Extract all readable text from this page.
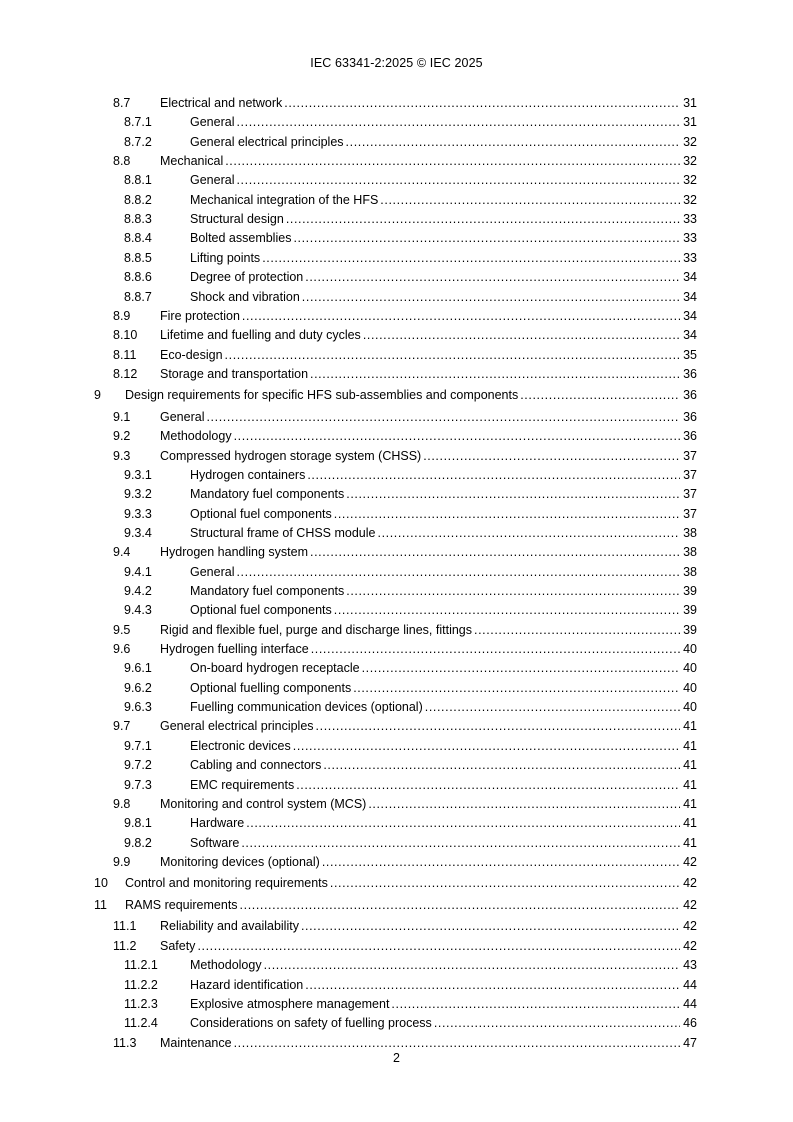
IEC 63341-2:2025 © IEC 2025
8.7 Electrical and network .....	31
8.7.1	General .....	31
8.7.2	General electrical principles .....	32
8.8 Mechanical .....	32
8.8.1	General .....	32
8.8.2	Mechanical integration of the HFS .....	32
8.8.3	Structural design .....	33
8.8.4	Bolted assemblies .....	33
8.8.5	Lifting points .....	33
8.8.6	Degree of protection .....	34
8.8.7	Shock and vibration .....	34
8.9 Fire protection .....	34
8.10 Lifetime and fuelling and duty cycles .....	34
8.11 Eco-design .....	35
8.12 Storage and transportation .....	36
9 Design requirements for specific HFS sub-assemblies and components .....	36
9.1 General .....	36
9.2 Methodology .....	36
9.3 Compressed hydrogen storage system (CHSS) .....	37
9.3.1	Hydrogen containers .....	37
9.3.2	Mandatory fuel components .....	37
9.3.3	Optional fuel components .....	37
9.3.4	Structural frame of CHSS module .....	38
9.4 Hydrogen handling system .....	38
9.4.1	General .....	38
9.4.2	Mandatory fuel components .....	39
9.4.3	Optional fuel components .....	39
9.5 Rigid and flexible fuel, purge and discharge lines, fittings .....	39
9.6 Hydrogen fuelling interface .....	40
9.6.1	On-board hydrogen receptacle .....	40
9.6.2	Optional fuelling components .....	40
9.6.3	Fuelling communication devices (optional) .....	40
9.7 General electrical principles .....	41
9.7.1	Electronic devices .....	41
9.7.2	Cabling and connectors .....	41
9.7.3	EMC requirements .....	41
9.8 Monitoring and control system (MCS) .....	41
9.8.1	Hardware .....	41
9.8.2	Software .....	41
9.9 Monitoring devices (optional) .....	42
10 Control and monitoring requirements .....	42
11 RAMS requirements .....	42
11.1 Reliability and availability .....	42
11.2 Safety .....	42
11.2.1	Methodology .....	43
11.2.2	Hazard identification .....	44
11.2.3	Explosive atmosphere management .....	44
11.2.4	Considerations on safety of fuelling process .....	46
11.3 Maintenance .....	47
2
